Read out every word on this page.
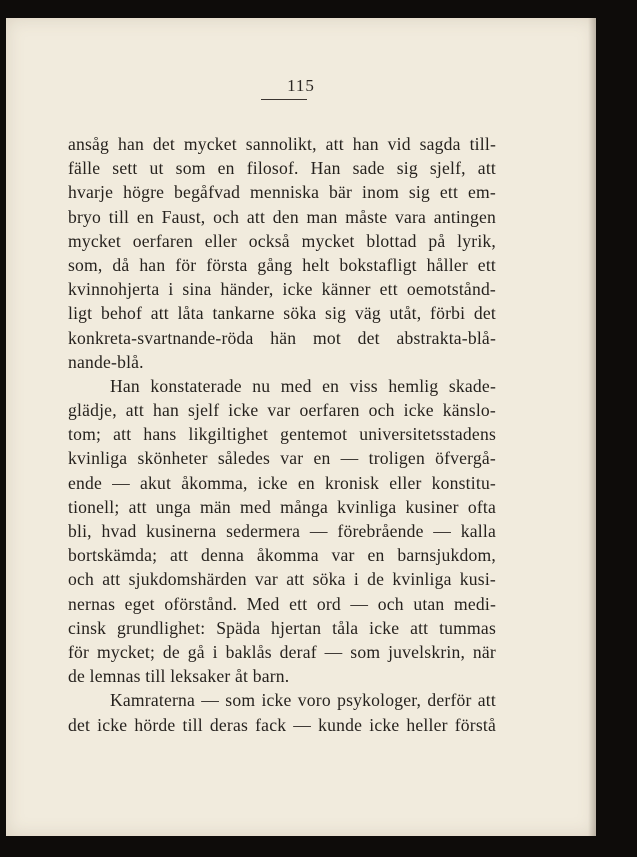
115
ansåg han det mycket sannolikt, att han vid sagda till-
fälle sett ut som en filosof. Han sade sig sjelf, att
hvarje högre begåfvad menniska bär inom sig ett em-
bryo till en Faust, och att den man måste vara antingen
mycket oerfaren eller också mycket blottad på lyrik,
som, då han för första gång helt bokstafligt håller ett
kvinnohjerta i sina händer, icke känner ett oemotstånd-
ligt behof att låta tankarne söka sig väg utåt, förbi det
konkreta-svartnande-röda hän mot det abstrakta-blå-
nande-blå.
Han konstaterade nu med en viss hemlig skade-
glädje, att han sjelf icke var oerfaren och icke känslo-
tom; att hans likgiltighet gentemot universitetsstadens
kvinliga skönheter således var en — troligen öfvergå-
ende — akut åkomma, icke en kronisk eller konstitu-
tionell; att unga män med många kvinliga kusiner ofta
bli, hvad kusinerna sedermera — förebrående — kalla
bortskämda; att denna åkomma var en barnsjukdom,
och att sjukdomshärden var att söka i de kvinliga kusi-
nernas eget oförstånd. Med ett ord — och utan medi-
cinsk grundlighet: Späda hjertan tåla icke att tummas
för mycket; de gå i baklås deraf — som juvelskrin, när
de lemnas till leksaker åt barn.
Kamraterna — som icke voro psykologer, derför att
det icke hörde till deras fack — kunde icke heller förstå
